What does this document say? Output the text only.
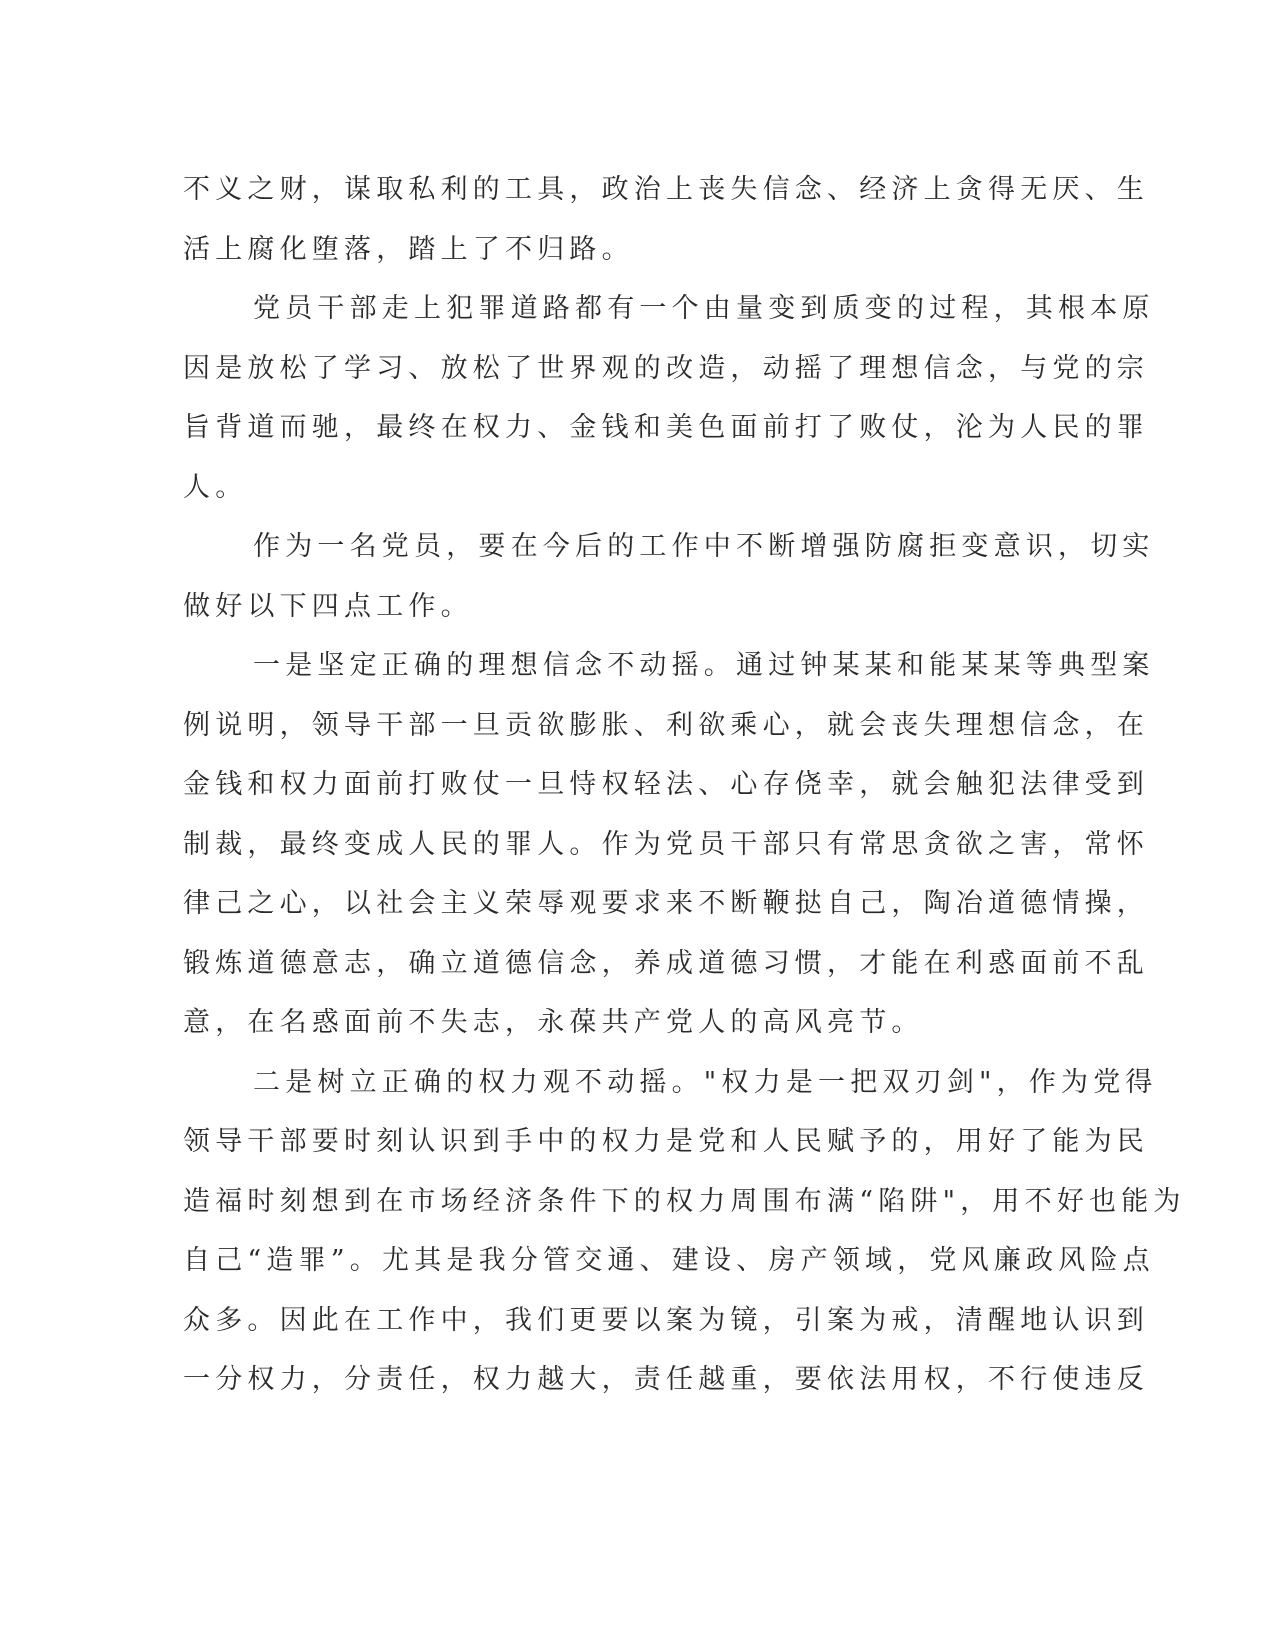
不义之财，谋取私利的工具，政治上丧失信念、经济上贪得无厌、生
活上腐化堕落，踏上了不归路。

党员干部走上犯罪道路都有一个由量变到质变的过程，其根本原
因是放松了学习、放松了世界观的改造，动摇了理想信念，与党的宗
旨背道而驰，最终在权力、金钱和美色面前打了败仗，沦为人民的罪
人。

作为一名党员，要在今后的工作中不断增强防腐拒变意识，切实
做好以下四点工作。

一是坚定正确的理想信念不动摇。通过钟某某和能某某等典型案
例说明，领导干部一旦贡欲膨胀、利欲乘心，就会丧失理想信念，在
金钱和权力面前打败仗一旦恃权轻法、心存侥幸，就会触犯法律受到
制裁，最终变成人民的罪人。作为党员干部只有常思贪欲之害，常怀
律己之心，以社会主义荣辱观要求来不断鞭挞自己，陶冶道德情操，
锻炼道德意志，确立道德信念，养成道德习惯，才能在利惑面前不乱
意，在名惑面前不失志，永葆共产党人的高风亮节。

二是树立正确的权力观不动摇。"权力是一把双刃剑"，作为党得
领导干部要时刻认识到手中的权力是党和人民赋予的，用好了能为民
造福时刻想到在市场经济条件下的权力周围布满“陷阱"，用不好也能为
自己“造罪”。尤其是我分管交通、建设、房产领域，党风廉政风险点
众多。因此在工作中，我们更要以案为镜，引案为戒，清醒地认识到
一分权力，分责任，权力越大，责任越重，要依法用权，不行使违反
